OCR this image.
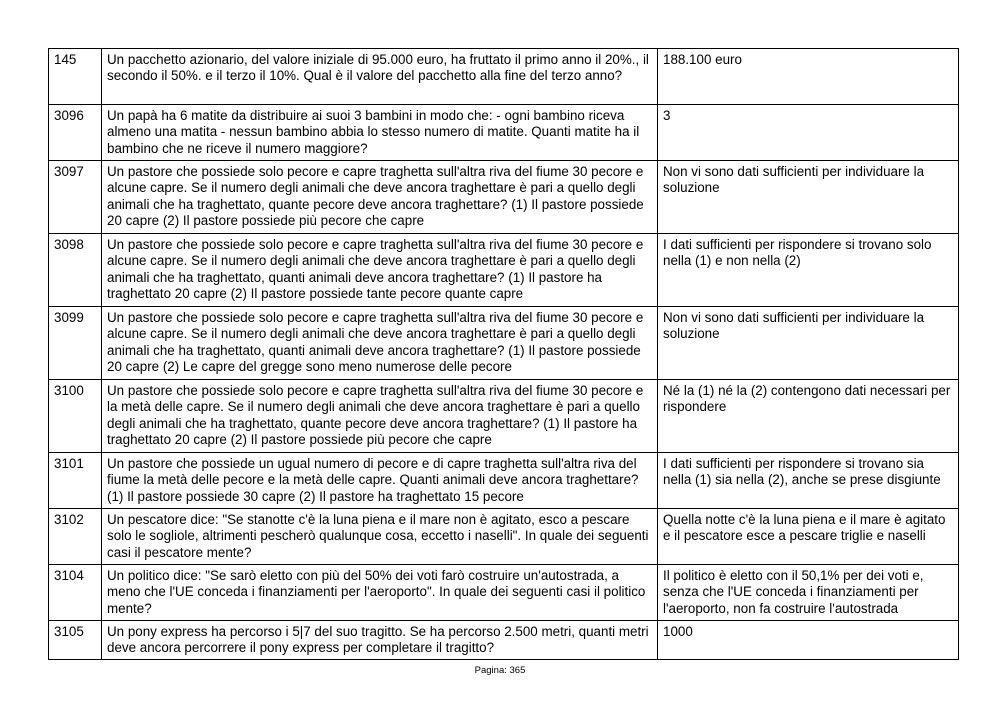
145	Un pacchetto azionario, del valore iniziale di 95.000 euro, ha fruttato il primo anno il 20%., il secondo il 50%. e il terzo il 10%. Qual è il valore del pacchetto alla fine del terzo anno?	188.100 euro
3096	Un papà ha 6 matite da distribuire ai suoi 3 bambini in modo che: - ogni bambino riceva almeno una matita - nessun bambino abbia lo stesso numero di matite. Quanti matite ha il bambino che ne riceve il numero maggiore?	3
3097	Un pastore che possiede solo pecore e capre traghetta sull'altra riva del fiume 30 pecore e alcune capre. Se il numero degli animali che deve ancora traghettare è pari a quello degli animali che ha traghettato, quante pecore deve ancora traghettare? (1) Il pastore possiede 20 capre (2) Il pastore possiede più pecore che capre	Non vi sono dati sufficienti per individuare la soluzione
3098	Un pastore che possiede solo pecore e capre traghetta sull'altra riva del fiume 30 pecore e alcune capre. Se il numero degli animali che deve ancora traghettare è pari a quello degli animali che ha traghettato, quanti animali deve ancora traghettare? (1) Il pastore ha traghettato 20 capre (2) Il pastore possiede tante pecore quante capre	I dati sufficienti per rispondere si trovano solo nella (1) e non nella (2)
3099	Un pastore che possiede solo pecore e capre traghetta sull'altra riva del fiume 30 pecore e alcune capre. Se il numero degli animali che deve ancora traghettare è pari a quello degli animali che ha traghettato, quanti animali deve ancora traghettare? (1) Il pastore possiede 20 capre (2) Le capre del gregge sono meno numerose delle pecore	Non vi sono dati sufficienti per individuare la soluzione
3100	Un pastore che possiede solo pecore e capre traghetta sull'altra riva del fiume 30 pecore e la metà delle capre. Se il numero degli animali che deve ancora traghettare è pari a quello degli animali che ha traghettato, quante pecore deve ancora traghettare? (1) Il pastore ha traghettato 20 capre (2) Il pastore possiede più pecore che capre	Né la (1) né la (2) contengono dati necessari per rispondere
3101	Un pastore che possiede un ugual numero di pecore e di capre traghetta sull'altra riva del fiume la metà delle pecore e la metà delle capre. Quanti animali deve ancora traghettare? (1) Il pastore possiede 30 capre (2) Il pastore ha traghettato 15 pecore	I dati sufficienti per rispondere si trovano sia nella (1) sia nella (2), anche se prese disgiunte
3102	Un pescatore dice: "Se stanotte c'è la luna piena e il mare non è agitato, esco a pescare solo le sogliole, altrimenti pescherò qualunque cosa, eccetto i naselli". In quale dei seguenti casi il pescatore mente?	Quella notte c'è la luna piena e il mare è agitato e il pescatore esce a pescare triglie e naselli
3104	Un politico dice: "Se sarò eletto con più del 50% dei voti farò costruire un'autostrada, a meno che l'UE conceda i finanziamenti per l'aeroporto". In quale dei seguenti casi il politico mente?	Il politico è eletto con il 50,1% per dei voti e, senza che l'UE conceda i finanziamenti per l'aeroporto, non fa costruire l'autostrada
3105	Un pony express ha percorso i 5|7 del suo tragitto. Se ha percorso 2.500 metri, quanti metri deve ancora percorrere il pony express per completare il tragitto?	1000
Pagina: 365
